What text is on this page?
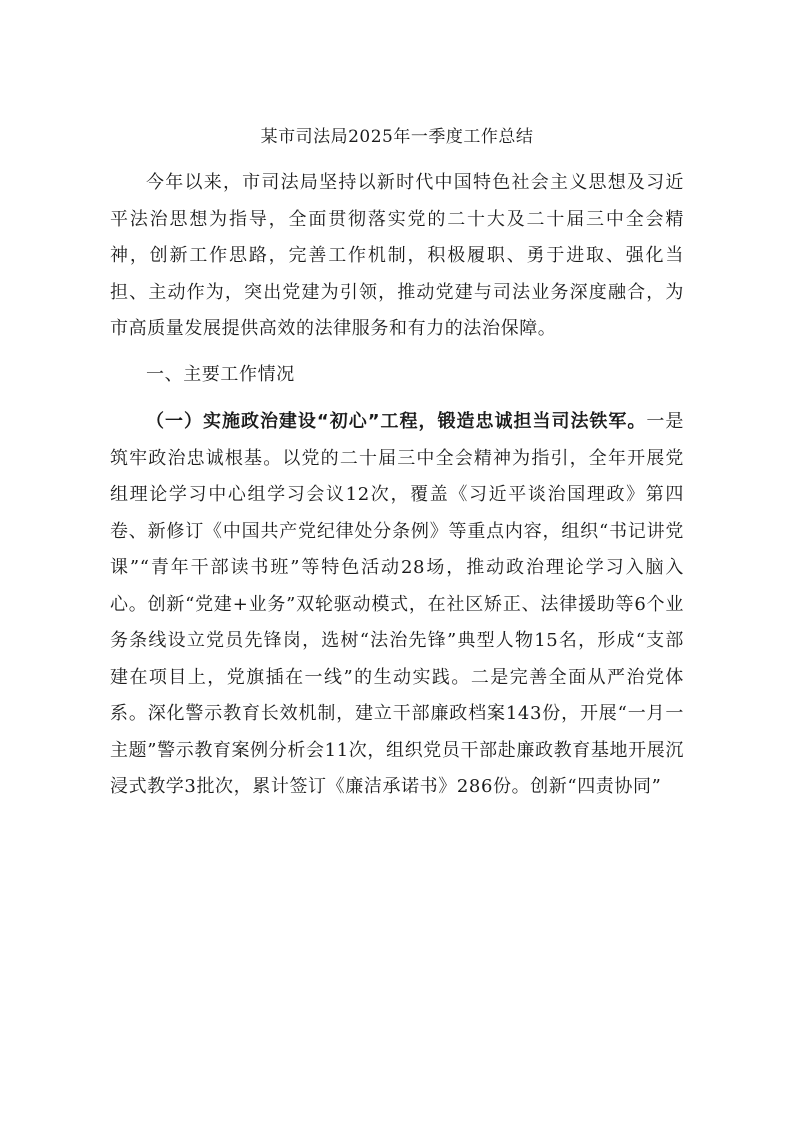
某市司法局2025年一季度工作总结

今年以来，市司法局坚持以新时代中国特色社会主义思想及习近平法治思想为指导，全面贯彻落实党的二十大及二十届三中全会精神，创新工作思路，完善工作机制，积极履职、勇于进取、强化当担、主动作为，突出党建为引领，推动党建与司法业务深度融合，为市高质量发展提供高效的法律服务和有力的法治保障。

一、主要工作情况

（一）实施政治建设“初心”工程，锻造忠诚担当司法铁军。一是筑牢政治忠诚根基。以党的二十届三中全会精神为指引，全年开展党组理论学习中心组学习会议12次，覆盖《习近平谈治国理政》第四卷、新修订《中国共产党纪律处分条例》等重点内容，组织“书记讲党课”“青年干部读书班”等特色活动28场，推动政治理论学习入脑入心。创新“党建+业务”双轮驱动模式，在社区矫正、法律援助等6个业务条线设立党员先锋岗，选树“法治先锋”典型人物15名，形成“支部建在项目上，党旗插在一线”的生动实践。二是完善全面从严治党体系。深化警示教育长效机制，建立干部廉政档案143份，开展“一月一主题”警示教育案例分析会11次，组织党员干部赴廉政教育基地开展沉浸式教学3批次，累计签订《廉洁承诺书》286份。创新“四责协同”
